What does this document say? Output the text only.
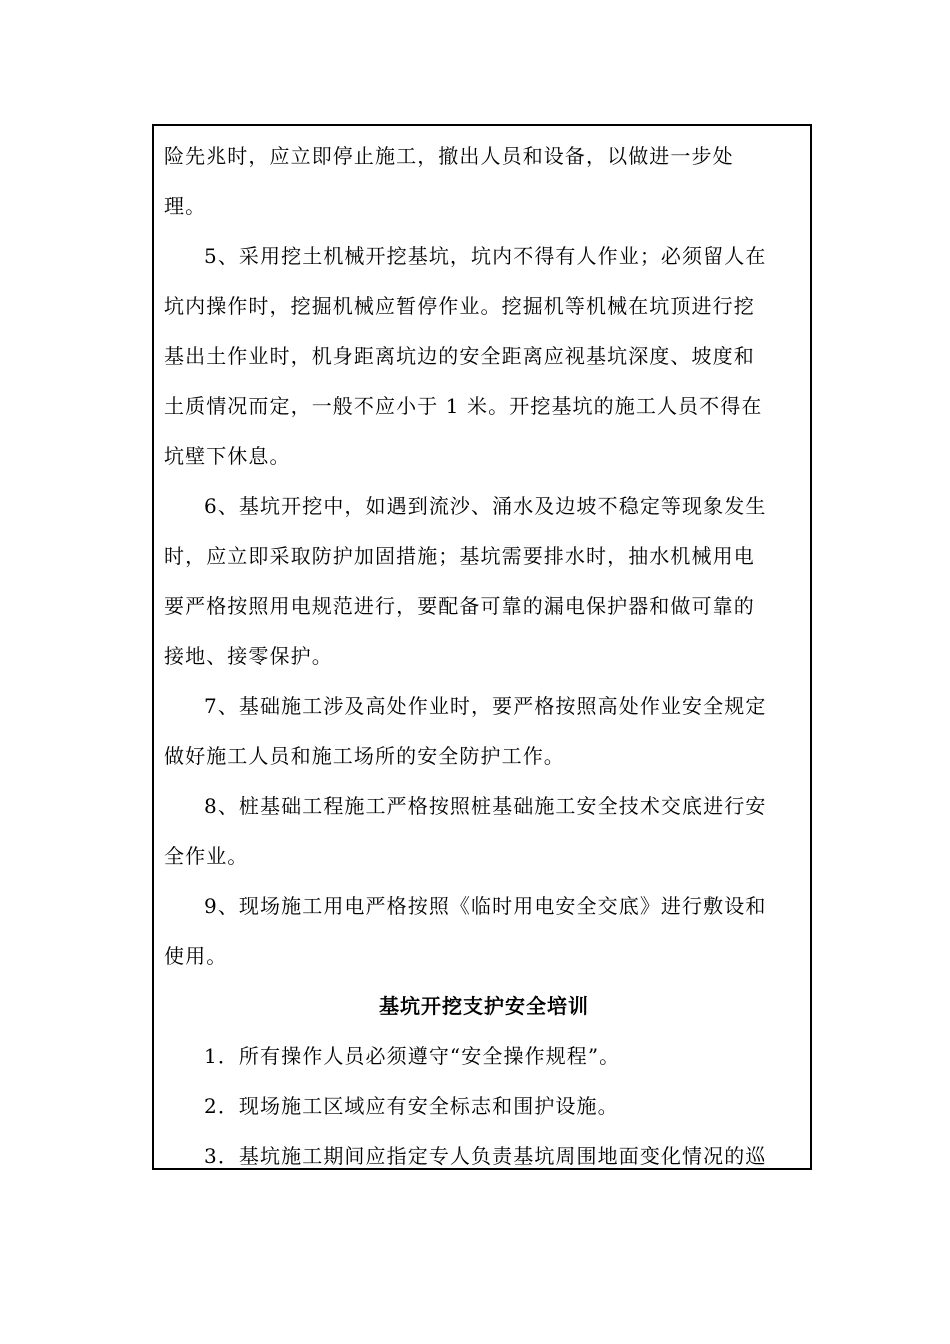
险先兆时，应立即停止施工，撤出人员和设备，以做进一步处
理。
5、采用挖土机械开挖基坑，坑内不得有人作业；必须留人在
坑内操作时，挖掘机械应暂停作业。挖掘机等机械在坑顶进行挖
基出土作业时，机身距离坑边的安全距离应视基坑深度、坡度和
土质情况而定，一般不应小于 1 米。开挖基坑的施工人员不得在
坑壁下休息。
6、基坑开挖中，如遇到流沙、涌水及边坡不稳定等现象发生
时，应立即采取防护加固措施；基坑需要排水时，抽水机械用电
要严格按照用电规范进行，要配备可靠的漏电保护器和做可靠的
接地、接零保护。
7、基础施工涉及高处作业时，要严格按照高处作业安全规定
做好施工人员和施工场所的安全防护工作。
8、桩基础工程施工严格按照桩基础施工安全技术交底进行安
全作业。
9、现场施工用电严格按照《临时用电安全交底》进行敷设和
使用。
基坑开挖支护安全培训
1．所有操作人员必须遵守“安全操作规程”。
2．现场施工区域应有安全标志和围护设施。
3．基坑施工期间应指定专人负责基坑周围地面变化情况的巡
